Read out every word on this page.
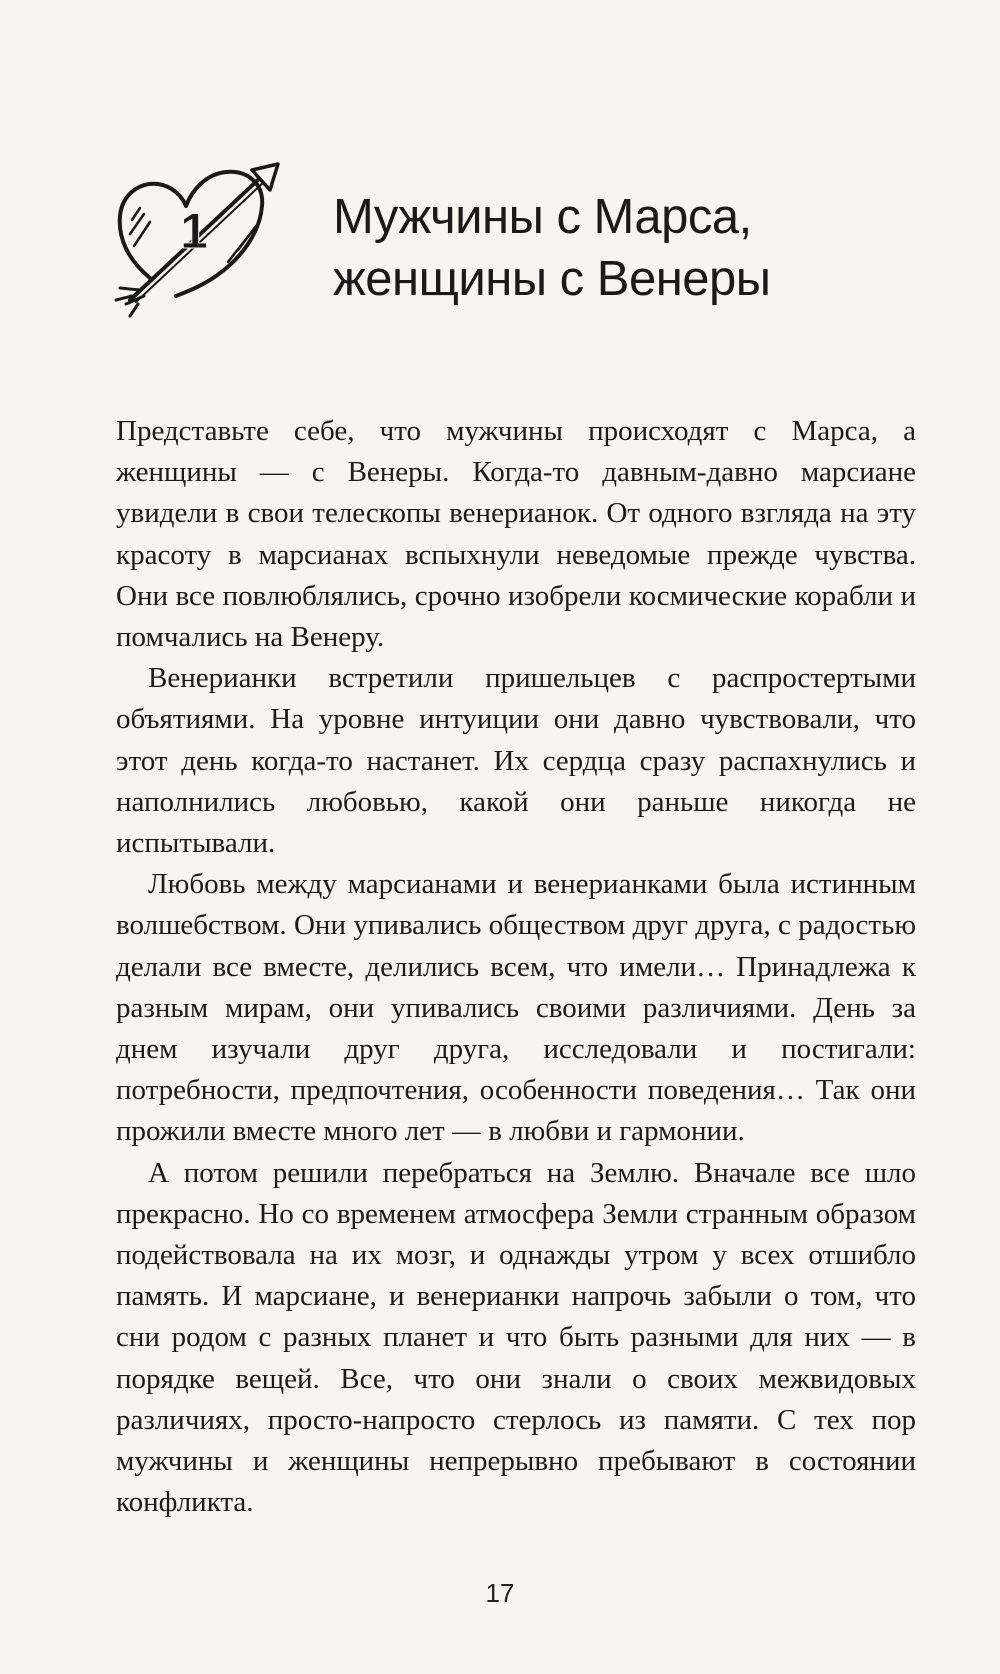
1	Мужчины с Марса,
женщины с Венеры

Представьте себе, что мужчины происходят с Марса, а женщины — с Венеры. Когда-то давным-давно марсиане увидели в свои телескопы венерианок. От одного взгляда на эту красоту в марсианах вспыхнули неведомые прежде чувства. Они все повлюблялись, срочно изобрели космические корабли и помчались на Венеру.

Венерианки встретили пришельцев с распростертыми объятиями. На уровне интуиции они давно чувствовали, что этот день когда-то настанет. Их сердца сразу распахнулись и наполнились любовью, какой они раньше никогда не испытывали.

Любовь между марсианами и венерианками была истинным волшебством. Они упивались обществом друг друга, с радостью делали все вместе, делились всем, что имели… Принадлежа к разным мирам, они упивались своими различиями. День за днем изучали друг друга, исследовали и постигали: потребности, предпочтения, особенности поведения… Так они прожили вместе много лет — в любви и гармонии.

А потом решили перебраться на Землю. Вначале все шло прекрасно. Но со временем атмосфера Земли странным образом подействовала на их мозг, и однажды утром у всех отшибло память. И марсиане, и венерианки напрочь забыли о том, что сни родом с разных планет и что быть разными для них — в порядке вещей. Все, что они знали о своих межвидовых различиях, просто-напросто стерлось из памяти. С тех пор мужчины и женщины непрерывно пребывают в состоянии конфликта.

17
